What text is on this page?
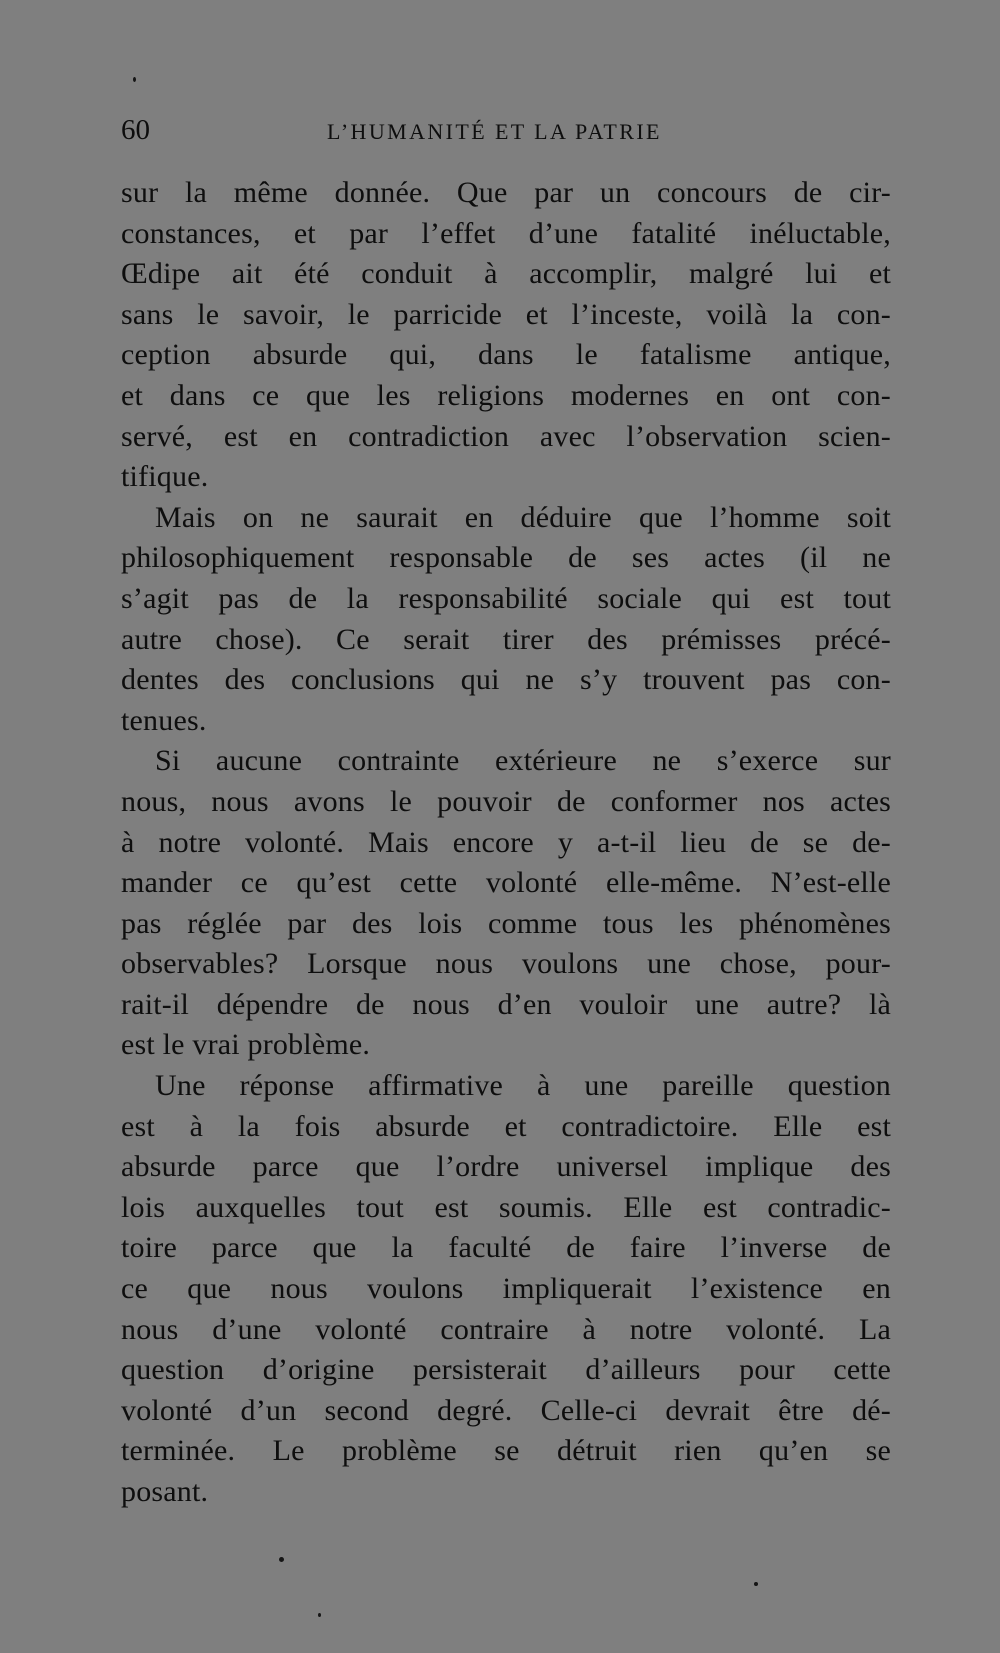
60	L’HUMANITÉ ET LA PATRIE
sur la même donnée. Que par un concours de cir-
constances, et par l’effet d’une fatalité inéluctable,
Œdipe ait été conduit à accomplir, malgré lui et
sans le savoir, le parricide et l’inceste, voilà la con-
ception absurde qui, dans le fatalisme antique,
et dans ce que les religions modernes en ont con-
servé, est en contradiction avec l’observation scien-
tifique.
Mais on ne saurait en déduire que l’homme soit
philosophiquement responsable de ses actes (il ne
s’agit pas de la responsabilité sociale qui est tout
autre chose). Ce serait tirer des prémisses précé-
dentes des conclusions qui ne s’y trouvent pas con-
tenues.
Si aucune contrainte extérieure ne s’exerce sur
nous, nous avons le pouvoir de conformer nos actes
à notre volonté. Mais encore y a-t-il lieu de se de-
mander ce qu’est cette volonté elle-même. N’est-elle
pas réglée par des lois comme tous les phénomènes
observables? Lorsque nous voulons une chose, pour-
rait-il dépendre de nous d’en vouloir une autre? là
est le vrai problème.
Une réponse affirmative à une pareille question
est à la fois absurde et contradictoire. Elle est
absurde parce que l’ordre universel implique des
lois auxquelles tout est soumis. Elle est contradic-
toire parce que la faculté de faire l’inverse de
ce que nous voulons impliquerait l’existence en
nous d’une volonté contraire à notre volonté. La
question d’origine persisterait d’ailleurs pour cette
volonté d’un second degré. Celle-ci devrait être dé-
terminée. Le problème se détruit rien qu’en se
posant.
